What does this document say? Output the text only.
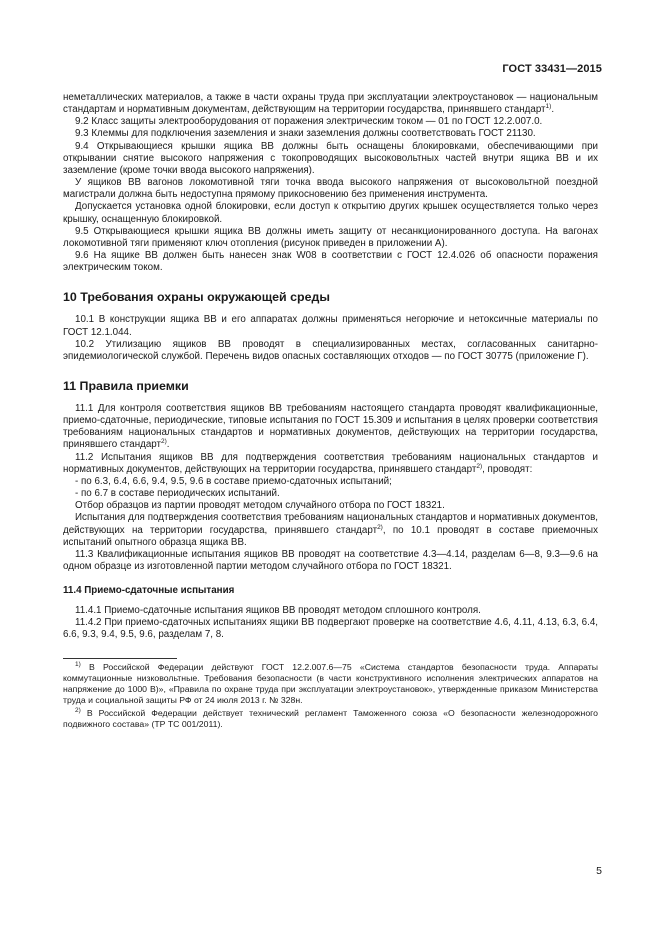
ГОСТ 33431—2015

неметаллических материалов, а также в части охраны труда при эксплуатации электроустановок — национальным стандартам и нормативным документам, действующим на территории государства, принявшего стандарт$^{1)}$.

9.2 Класс защиты электрооборудования от поражения электрическим током — 01 по ГОСТ 12.2.007.0.

9.3 Клеммы для подключения заземления и знаки заземления должны соответствовать ГОСТ 21130.

9.4 Открывающиеся крышки ящика ВВ должны быть оснащены блокировками, обеспечивающими при открывании снятие высокого напряжения с токопроводящих высоковольтных частей внутри ящика ВВ и их заземление (кроме точки ввода высокого напряжения).

У ящиков ВВ вагонов локомотивной тяги точка ввода высокого напряжения от высоковольтной поездной магистрали должна быть недоступна прямому прикосновению без применения инструмента.

Допускается установка одной блокировки, если доступ к открытию других крышек осуществляется только через крышку, оснащенную блокировкой.

9.5 Открывающиеся крышки ящика ВВ должны иметь защиту от несанкционированного доступа. На вагонах локомотивной тяги применяют ключ отопления (рисунок приведен в приложении А).

9.6 На ящике ВВ должен быть нанесен знак W08 в соответствии с ГОСТ 12.4.026 об опасности поражения электрическим током.

10 Требования охраны окружающей среды

10.1 В конструкции ящика ВВ и его аппаратах должны применяться негорючие и нетоксичные материалы по ГОСТ 12.1.044.

10.2 Утилизацию ящиков ВВ проводят в специализированных местах, согласованных санитарно-эпидемиологической службой. Перечень видов опасных составляющих отходов — по ГОСТ 30775 (приложение Г).

11 Правила приемки

11.1 Для контроля соответствия ящиков ВВ требованиям настоящего стандарта проводят квалификационные, приемо-сдаточные, периодические, типовые испытания по ГОСТ 15.309 и испытания в целях проверки соответствия требованиям национальных стандартов и нормативных документов, действующих на территории государства, принявшего стандарт$^{2)}$.

11.2 Испытания ящиков ВВ для подтверждения соответствия требованиям национальных стандартов и нормативных документов, действующих на территории государства, принявшего стандарт$^{2)}$, проводят:

- по 6.3, 6.4, 6.6, 9.4, 9.5, 9.6 в составе приемо-сдаточных испытаний;

- по 6.7 в составе периодических испытаний.

Отбор образцов из партии проводят методом случайного отбора по ГОСТ 18321.

Испытания для подтверждения соответствия требованиям национальных стандартов и нормативных документов, действующих на территории государства, принявшего стандарт$^{2)}$, по 10.1 проводят в составе приемочных испытаний опытного образца ящика ВВ.

11.3 Квалификационные испытания ящиков ВВ проводят на соответствие 4.3—4.14, разделам 6—8, 9.3—9.6 на одном образце из изготовленной партии методом случайного отбора по ГОСТ 18321.

11.4 Приемо-сдаточные испытания

11.4.1 Приемо-сдаточные испытания ящиков ВВ проводят методом сплошного контроля.

11.4.2 При приемо-сдаточных испытаниях ящики ВВ подвергают проверке на соответствие 4.6, 4.11, 4.13, 6.3, 6.4, 6.6, 9.3, 9.4, 9.5, 9.6, разделам 7, 8.

$^{1)}$ В Российской Федерации действуют ГОСТ 12.2.007.6—75 «Система стандартов безопасности труда. Аппараты коммутационные низковольтные. Требования безопасности (в части конструктивного исполнения электрических аппаратов на напряжение до 1000 В)», «Правила по охране труда при эксплуатации электроустановок», утвержденные приказом Министерства труда и социальной защиты РФ от 24 июля 2013 г. № 328н.

$^{2)}$ В Российской Федерации действует технический регламент Таможенного союза «О безопасности железнодорожного подвижного состава» (ТР ТС 001/2011).

5
